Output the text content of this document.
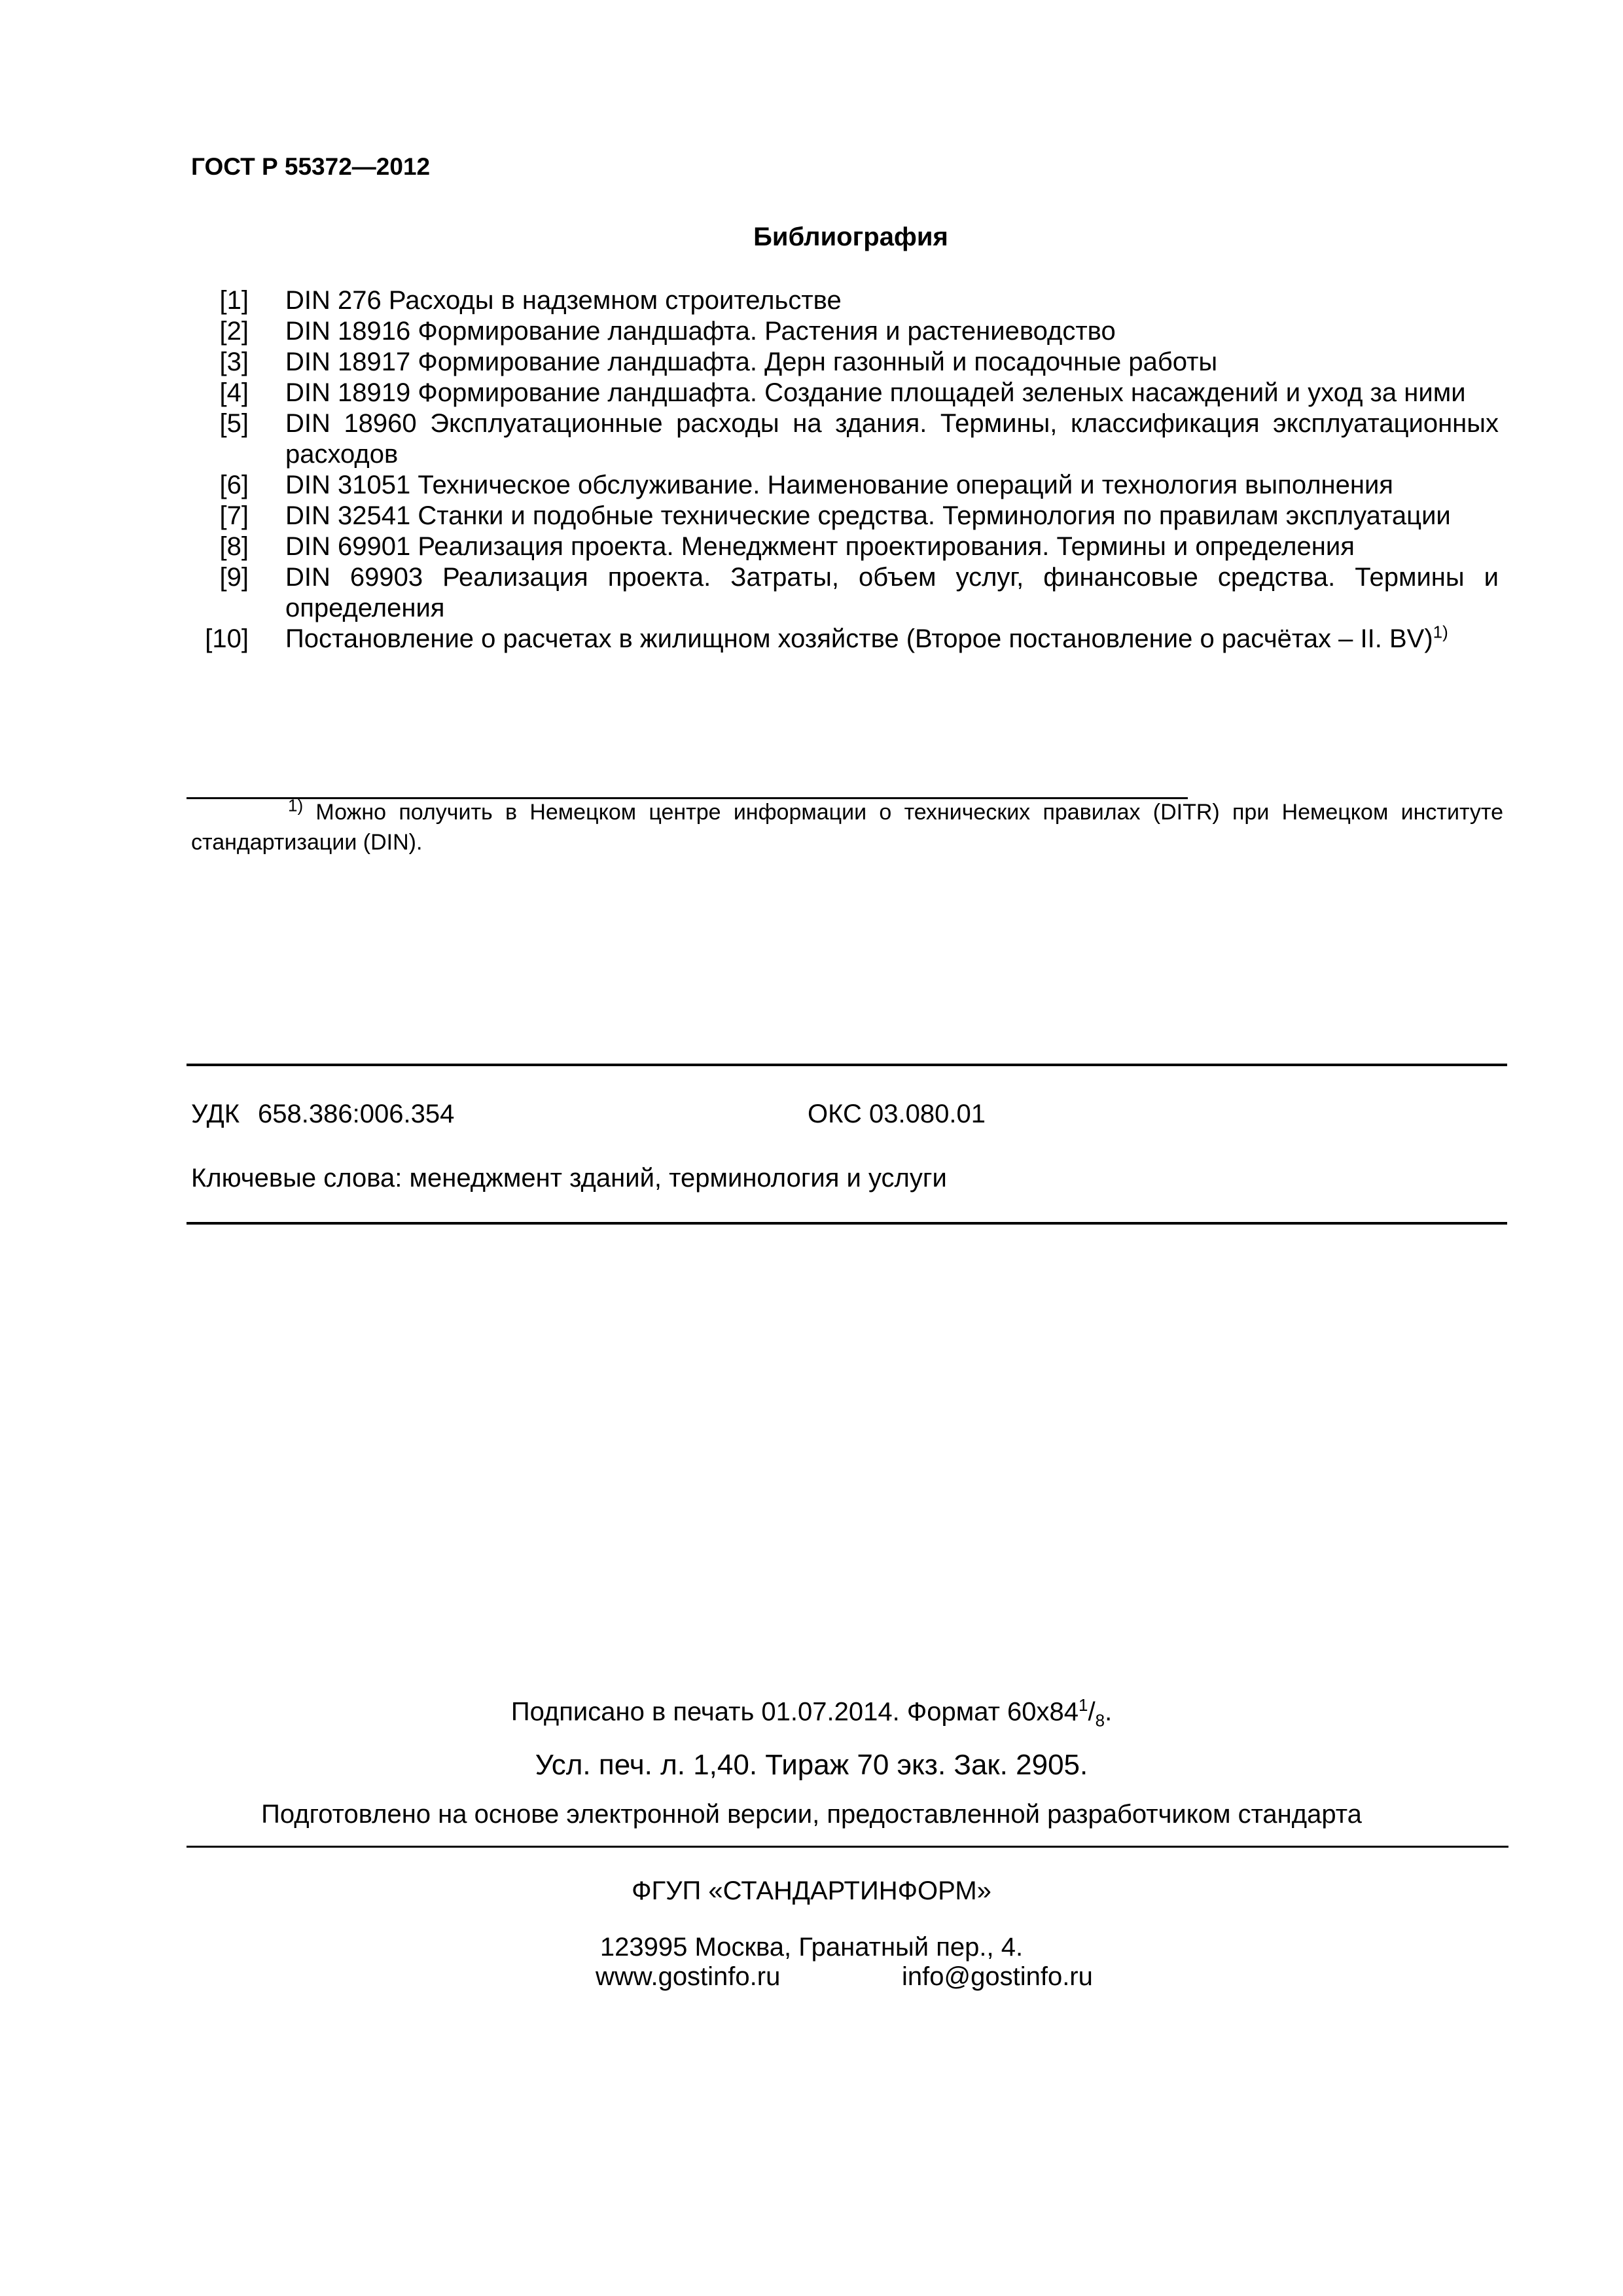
ГОСТ Р 55372—2012
Библиография
[1]	DIN 276 Расходы в надземном строительстве
[2]	DIN 18916 Формирование ландшафта. Растения и растениеводство
[3]	DIN 18917 Формирование ландшафта. Дерн газонный и посадочные работы
[4]	DIN 18919 Формирование ландшафта. Создание площадей зеленых насаждений и уход за ними
[5]	DIN 18960 Эксплуатационные расходы на здания. Термины, классификация эксплуатационных расходов
[6]	DIN 31051 Техническое обслуживание. Наименование операций и технология выполнения
[7]	DIN 32541 Станки и подобные технические средства. Терминология по правилам эксплуатации
[8]	DIN 69901 Реализация проекта. Менеджмент проектирования. Термины и определения
[9]	DIN 69903 Реализация проекта. Затраты, объем услуг, финансовые средства. Термины и определения
[10]	Постановление о расчетах в жилищном хозяйстве (Второе постановление о расчётах – II. BV)$^{1)}$
$^{1)}$ Можно получить в Немецком центре информации о технических правилах (DITR) при Немецком институте стандартизации (DIN).
УДК 658.386:006.354	ОКС 03.080.01
Ключевые слова: менеджмент зданий, терминология и услуги
Подписано в печать 01.07.2014. Формат $60х84^1/_8$.
Усл. печ. л. 1,40. Тираж 70 экз. Зак. 2905.
Подготовлено на основе электронной версии, предоставленной разработчиком стандарта
ФГУП «СТАНДАРТИНФОРМ»
123995 Москва, Гранатный пер., 4.
www.gostinfo.ru	info@gostinfo.ru
